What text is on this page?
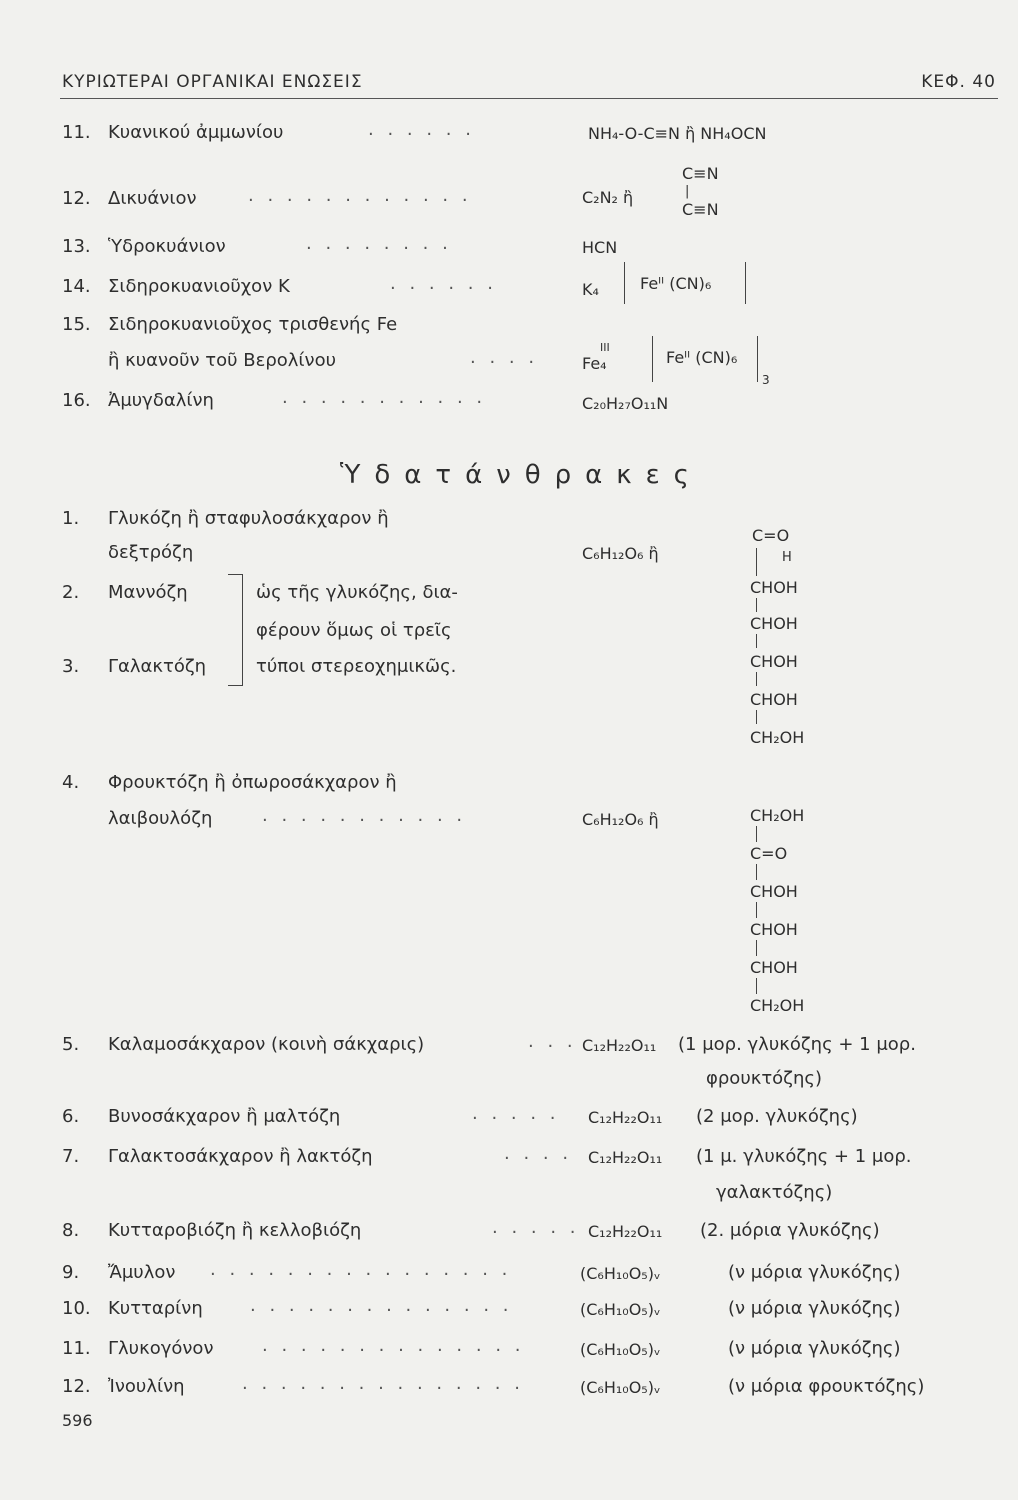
ΚΥΡΙΩΤΕΡΑΙ ΟΡΓΑΝΙΚΑΙ ΕΝΩΣΕΙΣ	ΚΕΦ. 40
11. Κυανικού ἀμμωνίου	· · · · · ·	NH₄-O-C≡N ἢ NH₄OCN
12. Δικυάνιον	· · · · · · · · · · · ·	C₂N₂ ἢ
C≡N
|
C≡N
13. Ὑδροκυάνιον	· · · · · · · ·	HCN
14. Σιδηροκυανιοῦχον K	· · · · · ·	K₄	Feᴵᴵ (CN)₆
15. Σιδηροκυανιοῦχος τρισθενής Fe
ἢ κυανοῦν τοῦ Βερολίνου	· · · ·
III
Fe₄	Feᴵᴵ (CN)₆
3
16. Ἀμυγδαλίνη	· · · · · · · · · · ·	C₂₀H₂₇O₁₁N
Ὑδατάνθρακες
1. Γλυκόζη ἢ σταφυλοσάκχαρον ἢ
δεξτρόζη	C₆H₁₂O₆ ἢ
2. Μαννόζη
3. Γαλακτόζη
ὡς τῆς γλυκόζης, δια-
φέρουν ὅμως οἱ τρεῖς
τύποι στερεοχημικῶς.
C=O
H
CHOH
CHOH
CHOH
CHOH
CH₂OH
4. Φρουκτόζη ἢ ὀπωροσάκχαρον ἢ
λαιβουλόζη	· · · · · · · · · · ·	C₆H₁₂O₆ ἢ	CH₂OH
C=O
CHOH
CHOH
CHOH
CH₂OH
5. Καλαμοσάκχαρον (κοινὴ σάκχαρις)	· · · C₁₂H₂₂O₁₁ (1 μορ. γλυκόζης + 1 μορ.
φρουκτόζης)
6. Βυνοσάκχαρον ἢ μαλτόζη	· · · · · C₁₂H₂₂O₁₁ (2 μορ. γλυκόζης)
7. Γαλακτοσάκχαρον ἢ λακτόζη	· · · · C₁₂H₂₂O₁₁ (1 μ. γλυκόζης + 1 μορ.
γαλακτόζης)
8. Κυτταροβιόζη ἢ κελλοβιόζη	· · · · · C₁₂H₂₂O₁₁ (2. μόρια γλυκόζης)
9. Ἄμυλον · · · · · · · · · · · · · · · ·	(C₆H₁₀O₅)ᵥ	(ν μόρια γλυκόζης)
10. Κυτταρίνη	· · · · · · · · · · · · · ·	(C₆H₁₀O₅)ᵥ	(ν μόρια γλυκόζης)
11. Γλυκογόνον	· · · · · · · · · · · · · ·	(C₆H₁₀O₅)ᵥ	(ν μόρια γλυκόζης)
12. Ἰνουλίνη	· · · · · · · · · · · · · · ·	(C₆H₁₀O₅)ᵥ	(ν μόρια φρουκτόζης)
596
